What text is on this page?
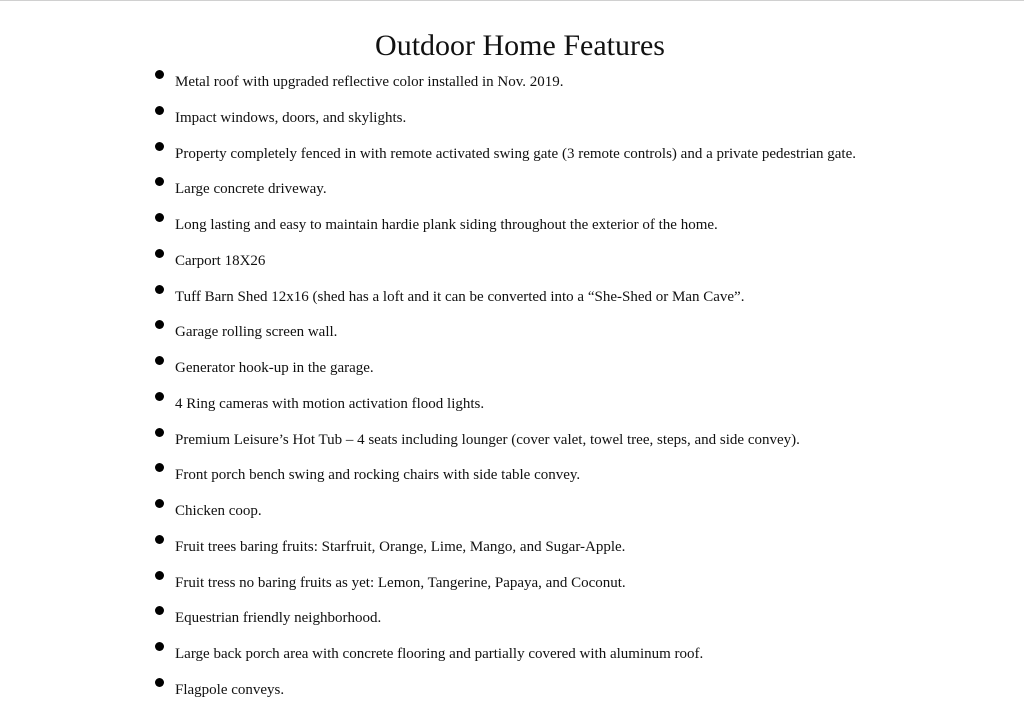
Outdoor Home Features
Metal roof with upgraded reflective color installed in Nov. 2019.
Impact windows, doors, and skylights.
Property completely fenced in with remote activated swing gate (3 remote controls) and a private pedestrian gate.
Large concrete driveway.
Long lasting and easy to maintain hardie plank siding throughout the exterior of the home.
Carport 18X26
Tuff Barn Shed 12x16 (shed has a loft and it can be converted into a “She-Shed or Man Cave”.
Garage rolling screen wall.
Generator hook-up in the garage.
4 Ring cameras with motion activation flood lights.
Premium Leisure’s Hot Tub – 4 seats including lounger (cover valet, towel tree, steps, and side convey).
Front porch bench swing and rocking chairs with side table convey.
Chicken coop.
Fruit trees baring fruits: Starfruit, Orange, Lime, Mango, and Sugar-Apple.
Fruit tress no baring fruits as yet: Lemon, Tangerine, Papaya, and Coconut.
Equestrian friendly neighborhood.
Large back porch area with concrete flooring and partially covered with aluminum roof.
Flagpole conveys.
